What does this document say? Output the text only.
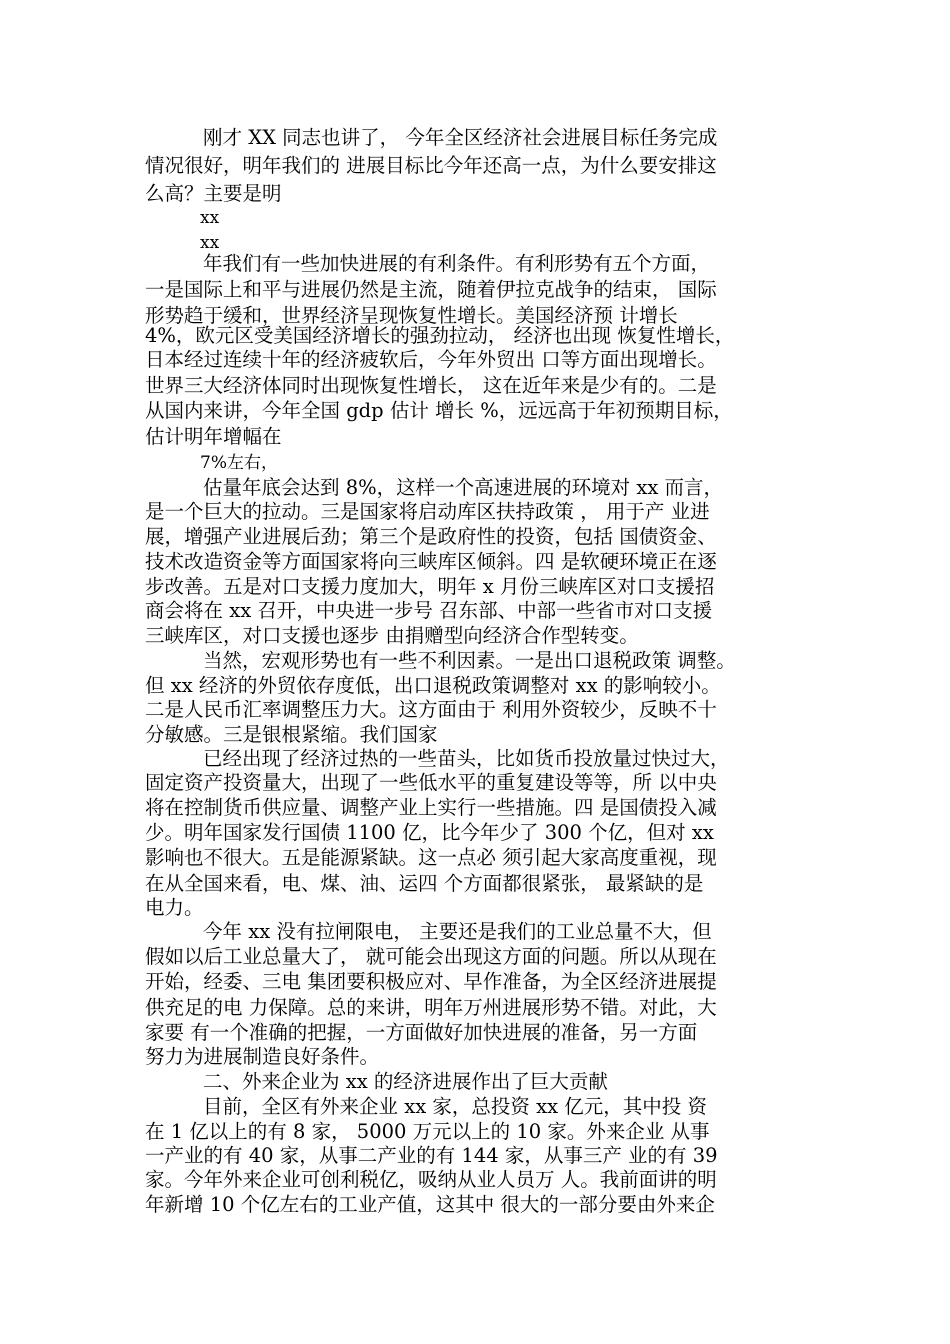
刚才 XX 同志也讲了， 今年全区经济社会进展目标任务完成
情况很好，明年我们的 进展目标比今年还高一点，为什么要安排这
么高？主要是明
xx
xx
年我们有一些加快进展的有利条件。有利形势有五个方面，
一是国际上和平与进展仍然是主流，随着伊拉克战争的结束， 国际
形势趋于缓和，世界经济呈现恢复性增长。美国经济预 计增长
4%，欧元区受美国经济增长的强劲拉动， 经济也出现 恢复性增长，
日本经过连续十年的经济疲软后，今年外贸出 口等方面出现增长。
世界三大经济体同时出现恢复性增长， 这在近年来是少有的。二是
从国内来讲，今年全国 gdp 估计 增长 %，远远高于年初预期目标，
估计明年增幅在
7%左右，
估量年底会达到 8%，这样一个高速进展的环境对 xx 而言，
是一个巨大的拉动。三是国家将启动库区扶持政策 ， 用于产 业进
展，增强产业进展后劲；第三个是政府性的投资，包括 国债资金、
技术改造资金等方面国家将向三峡库区倾斜。四 是软硬环境正在逐
步改善。五是对口支援力度加大，明年 x 月份三峡库区对口支援招
商会将在 xx 召开，中央进一步号 召东部、中部一些省市对口支援
三峡库区，对口支援也逐步 由捐赠型向经济合作型转变。
当然，宏观形势也有一些不利因素。一是出口退税政策 调整。
但 xx 经济的外贸依存度低，出口退税政策调整对 xx 的影响较小。
二是人民币汇率调整压力大。这方面由于 利用外资较少，反映不十
分敏感。三是银根紧缩。我们国家
已经出现了经济过热的一些苗头，比如货币投放量过快过大，
固定资产投资量大，出现了一些低水平的重复建设等等，所 以中央
将在控制货币供应量、调整产业上实行一些措施。四 是国债投入减
少。明年国家发行国债 1100 亿，比今年少了 300 个亿，但对 xx
影响也不很大。五是能源紧缺。这一点必 须引起大家高度重视，现
在从全国来看，电、煤、油、运四 个方面都很紧张， 最紧缺的是
电力。
今年 xx 没有拉闸限电， 主要还是我们的工业总量不大，但
假如以后工业总量大了， 就可能会出现这方面的问题。所以从现在
开始，经委、三电 集团要积极应对、早作准备，为全区经济进展提
供充足的电 力保障。总的来讲，明年万州进展形势不错。对此，大
家要 有一个准确的把握，一方面做好加快进展的准备，另一方面
努力为进展制造良好条件。
二、外来企业为 xx 的经济进展作出了巨大贡献
目前，全区有外来企业 xx 家，总投资 xx 亿元，其中投 资
在 1 亿以上的有 8 家， 5000 万元以上的 10 家。外来企业 从事
一产业的有 40 家，从事二产业的有 144 家，从事三产 业的有 39
家。今年外来企业可创利税亿，吸纳从业人员万 人。我前面讲的明
年新增 10 个亿左右的工业产值，这其中 很大的一部分要由外来企
